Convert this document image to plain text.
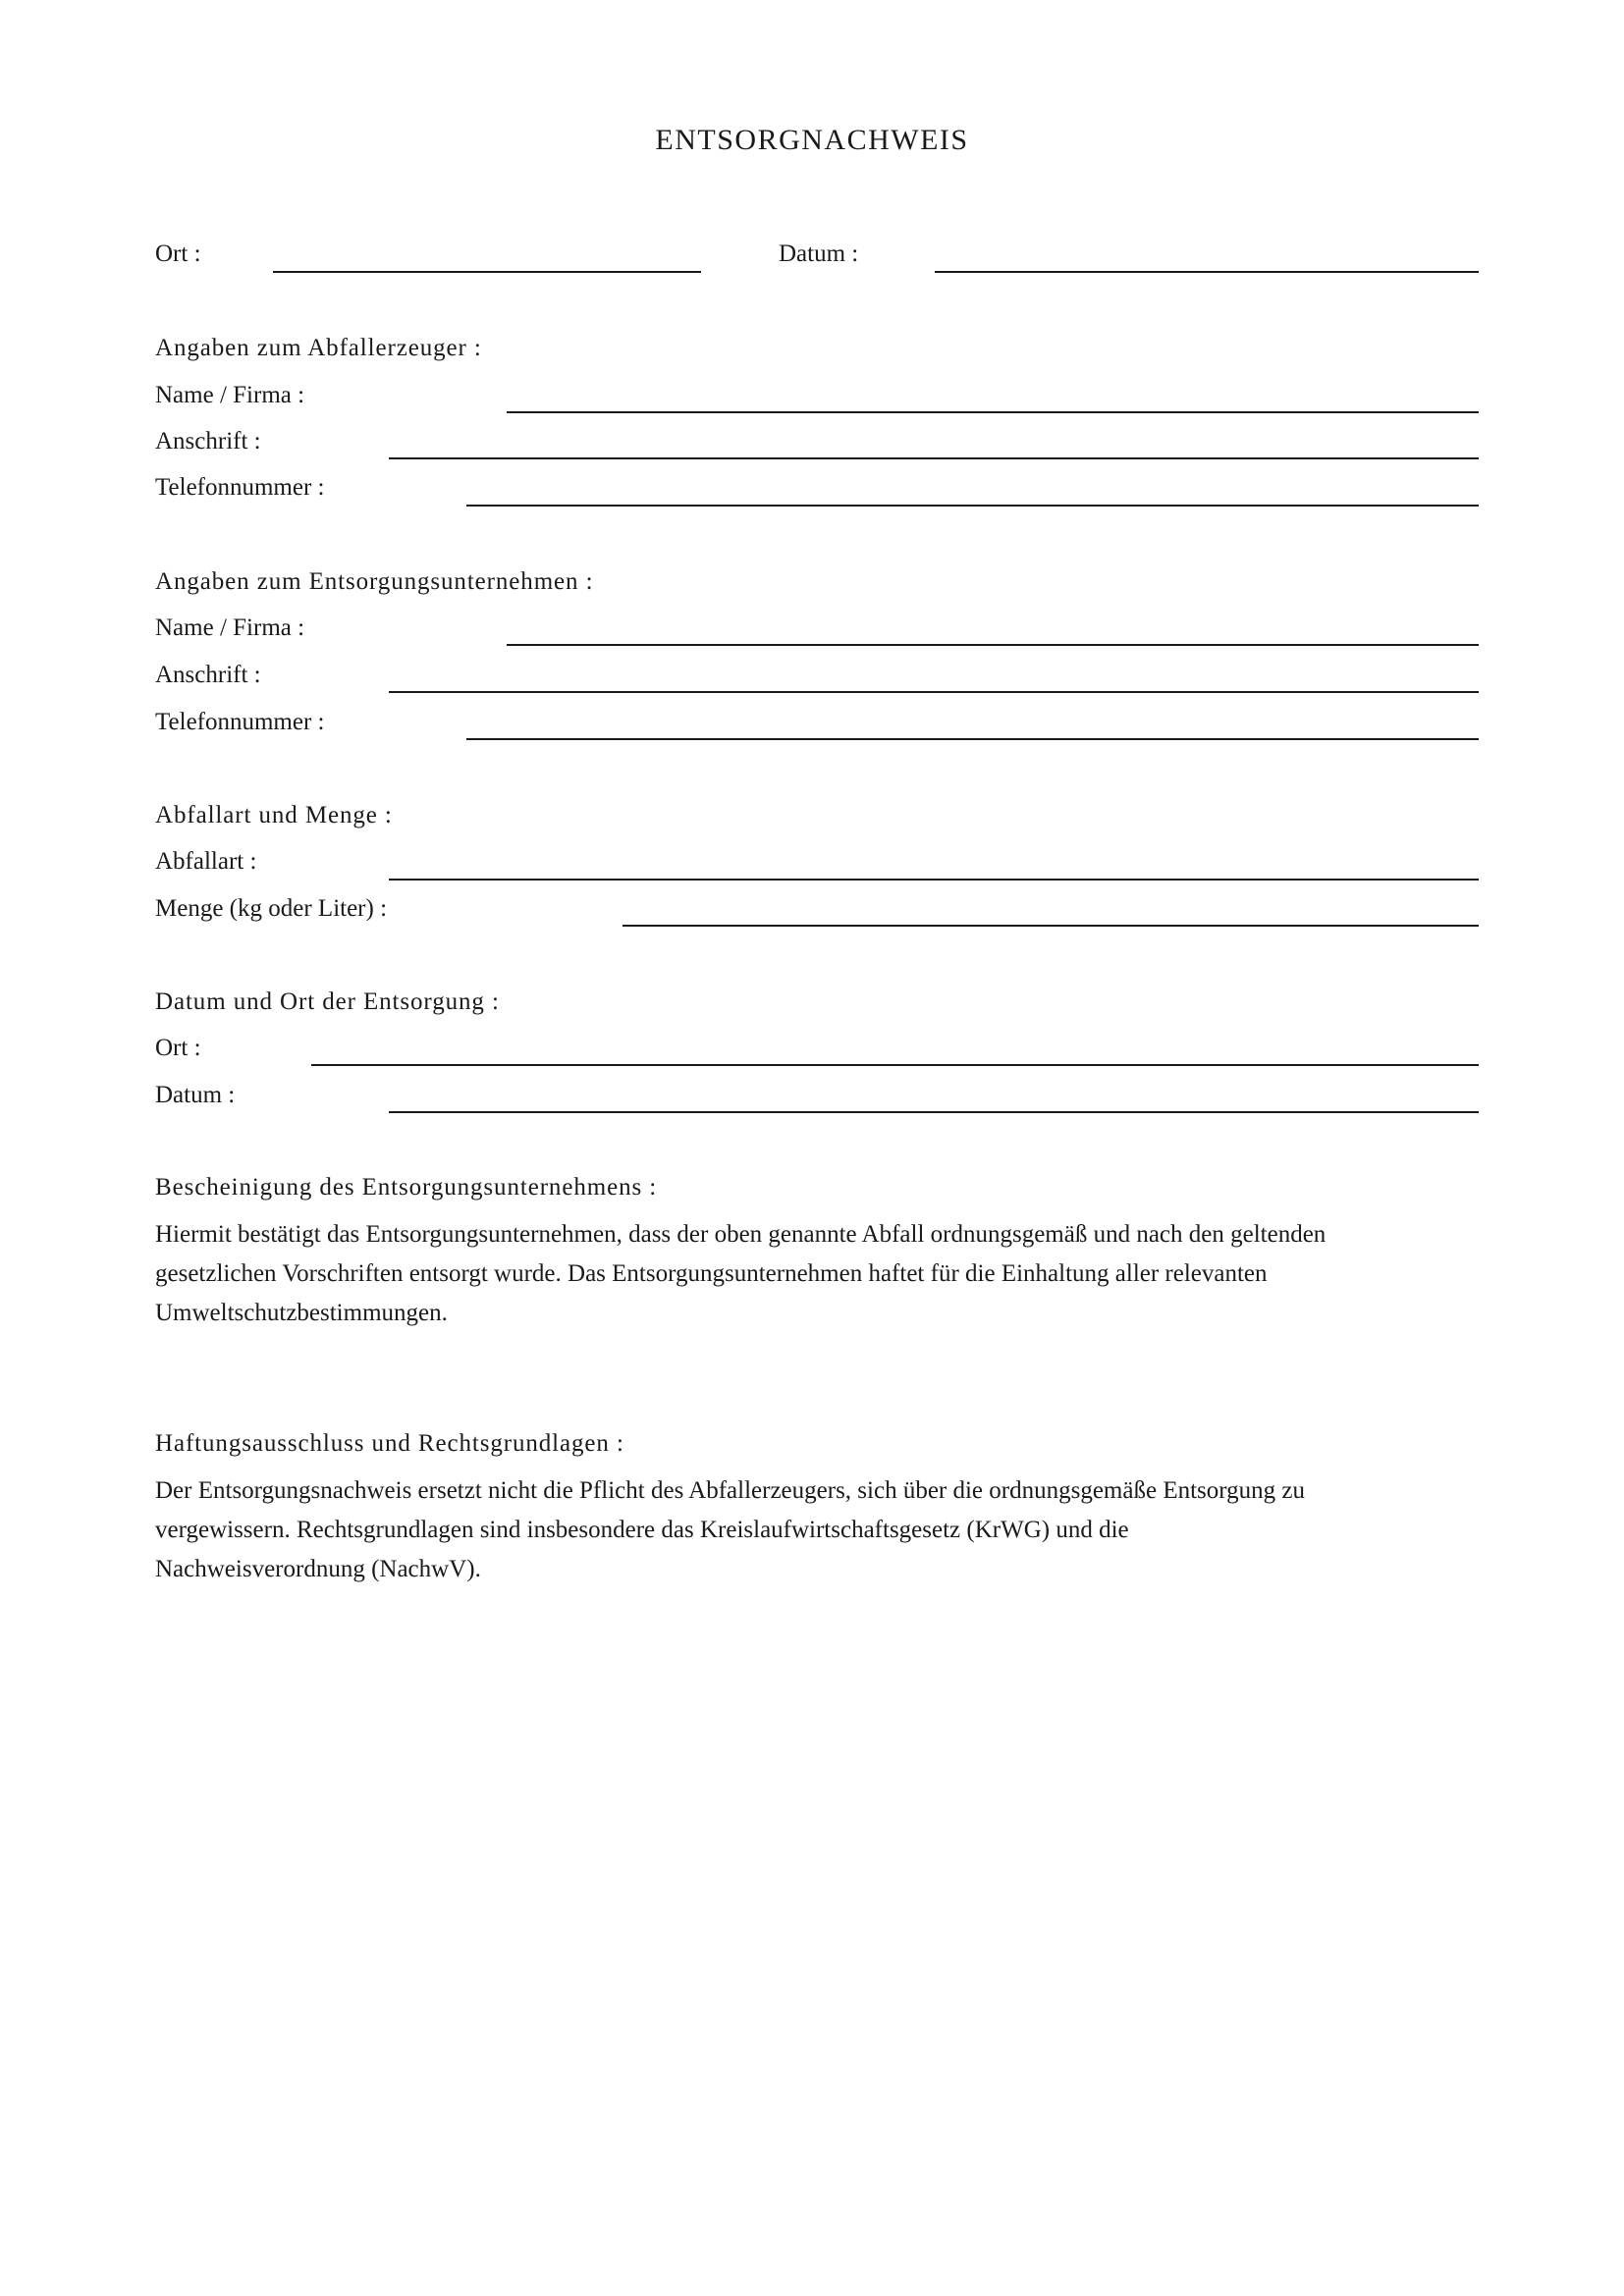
ENTSORGNACHWEIS
Ort :	Datum :
Angaben zum Abfallerzeuger :
Name / Firma :
Anschrift :
Telefonnummer :
Angaben zum Entsorgungsunternehmen :
Name / Firma :
Anschrift :
Telefonnummer :
Abfallart und Menge :
Abfallart :
Menge (kg oder Liter) :
Datum und Ort der Entsorgung :
Ort :
Datum :
Bescheinigung des Entsorgungsunternehmens :

Hiermit bestätigt das Entsorgungsunternehmen, dass der oben genannte Abfall ordnungsgemäß und nach den geltenden

gesetzlichen Vorschriften entsorgt wurde. Das Entsorgungsunternehmen haftet für die Einhaltung aller relevanten

Umweltschutzbestimmungen.

Haftungsausschluss und Rechtsgrundlagen :

Der Entsorgungsnachweis ersetzt nicht die Pflicht des Abfallerzeugers, sich über die ordnungsgemäße Entsorgung zu

vergewissern. Rechtsgrundlagen sind insbesondere das Kreislaufwirtschaftsgesetz (KrWG) und die

Nachweisverordnung (NachwV).
